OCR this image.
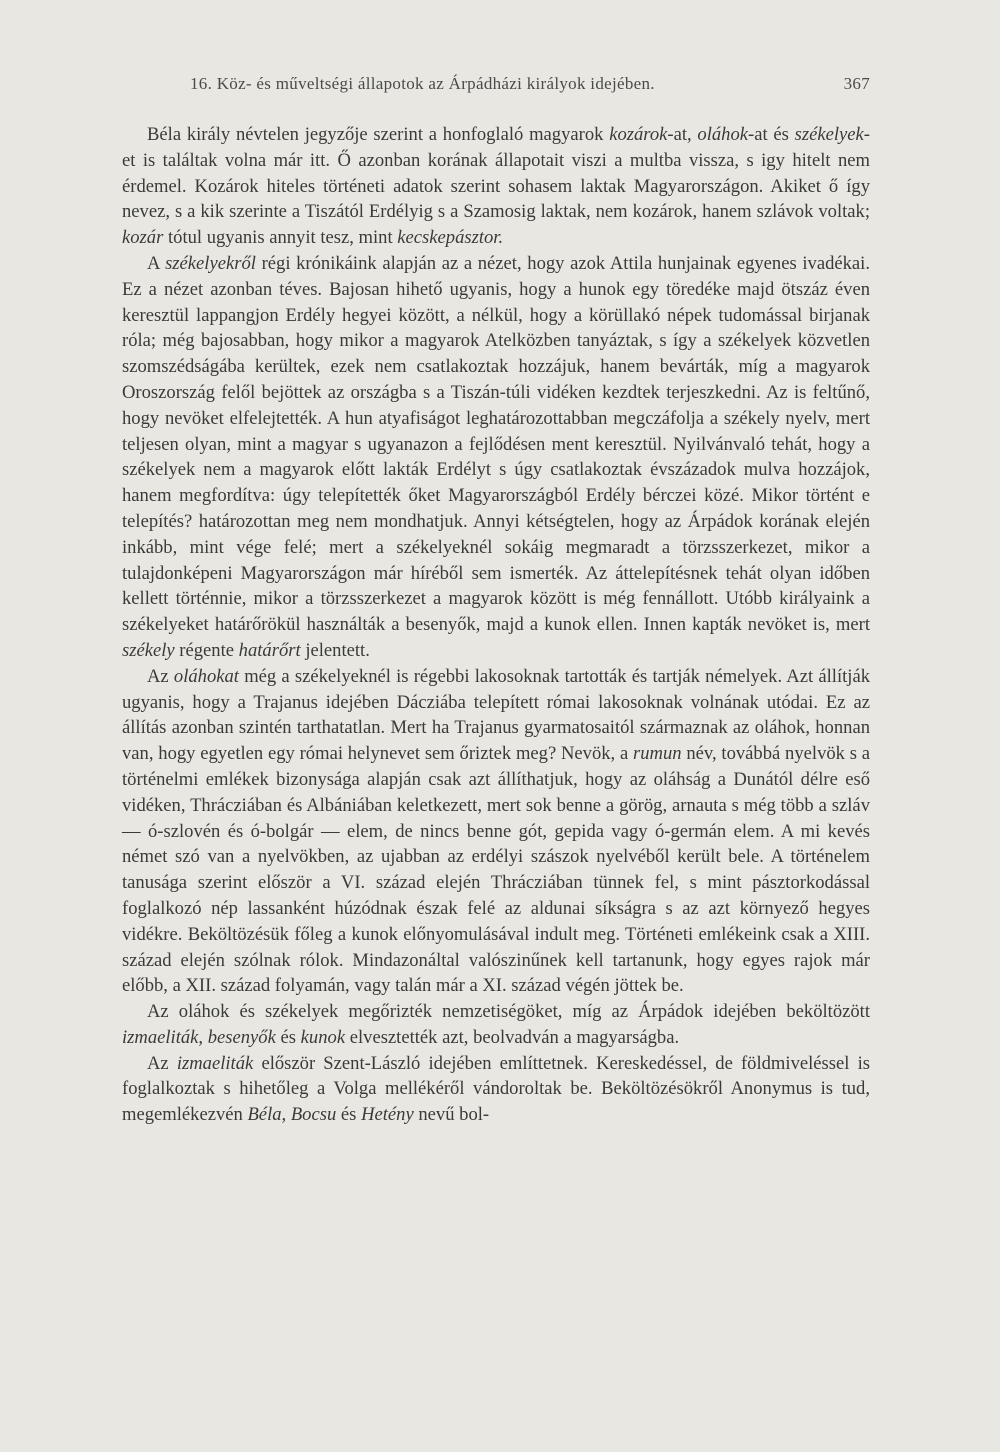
16. Köz- és műveltségi állapotok az Árpádházi királyok idejében.	367

Béla király névtelen jegyzője szerint a honfoglaló magyarok kozárok-at, oláhok-at és székelyek-et is találtak volna már itt. Ő azonban korának állapotait viszi a multba vissza, s igy hitelt nem érdemel. Kozárok hiteles történeti adatok szerint sohasem laktak Magyarországon. Akiket ő így nevez, s a kik szerinte a Tiszától Erdélyig s a Szamosig laktak, nem kozárok, hanem szlávok voltak; kozár tótul ugyanis annyit tesz, mint kecskepásztor.

A székelyekről régi krónikáink alapján az a nézet, hogy azok Attila hunjainak egyenes ivadékai. Ez a nézet azonban téves. Bajosan hihető ugyanis, hogy a hunok egy töredéke majd ötszáz éven keresztül lappangjon Erdély hegyei között, a nélkül, hogy a körüllakó népek tudomással birjanak róla; még bajosabban, hogy mikor a magyarok Atelközben tanyáztak, s így a székelyek közvetlen szomszédságába kerültek, ezek nem csatlakoztak hozzájuk, hanem bevárták, míg a magyarok Oroszország felől bejöttek az országba s a Tiszán-túli vidéken kezdtek terjeszkedni. Az is feltűnő, hogy nevöket elfelejtették. A hun atyafiságot leghatározottabban megczáfolja a székely nyelv, mert teljesen olyan, mint a magyar s ugyanazon a fejlődésen ment keresztül. Nyilvánvaló tehát, hogy a székelyek nem a magyarok előtt lakták Erdélyt s úgy csatlakoztak évszázadok mulva hozzájok, hanem megfordítva: úgy telepítették őket Magyarországból Erdély bérczei közé. Mikor történt e telepítés? határozottan meg nem mondhatjuk. Annyi kétségtelen, hogy az Árpádok korának elején inkább, mint vége felé; mert a székelyeknél sokáig megmaradt a törzsszerkezet, mikor a tulajdonképeni Magyarországon már híréből sem ismerték. Az áttelepítésnek tehát olyan időben kellett történnie, mikor a törzsszerkezet a magyarok között is még fennállott. Utóbb királyaink a székelyeket határőrökül használták a besenyők, majd a kunok ellen. Innen kapták nevöket is, mert székely régente határőrt jelentett.

Az oláhokat még a székelyeknél is régebbi lakosoknak tartották és tartják némelyek. Azt állítják ugyanis, hogy a Trajanus idejében Dácziába telepített római lakosoknak volnának utódai. Ez az állítás azonban szintén tarthatatlan. Mert ha Trajanus gyarmatosaitól származnak az oláhok, honnan van, hogy egyetlen egy római helynevet sem őriztek meg? Nevök, a rumun név, továbbá nyelvök s a történelmi emlékek bizonysága alapján csak azt állíthatjuk, hogy az oláhság a Dunától délre eső vidéken, Thrácziában és Albániában keletkezett, mert sok benne a görög, arnauta s még több a szláv — ó-szlovén és ó-bolgár — elem, de nincs benne gót, gepida vagy ó-germán elem. A mi kevés német szó van a nyelvökben, az ujabban az erdélyi szászok nyelvéből került bele. A történelem tanusága szerint először a VI. század elején Thrácziában tünnek fel, s mint pásztorkodással foglalkozó nép lassanként húzódnak észak felé az aldunai síkságra s az azt környező hegyes vidékre. Beköltözésük főleg a kunok előnyomulásával indult meg. Történeti emlékeink csak a XIII. század elején szólnak rólok. Mindazonáltal valószinűnek kell tartanunk, hogy egyes rajok már előbb, a XII. század folyamán, vagy talán már a XI. század végén jöttek be.

Az oláhok és székelyek megőrizték nemzetiségöket, míg az Árpádok idejében beköltözött izmaeliták, besenyők és kunok elvesztették azt, beolvadván a magyarságba.

Az izmaeliták először Szent-László idejében említtetnek. Kereskedéssel, de földmiveléssel is foglalkoztak s hihetőleg a Volga mellékéről vándoroltak be. Beköltözésökről Anonymus is tud, megemlékezvén Béla, Bocsu és Hetény nevű bol-
